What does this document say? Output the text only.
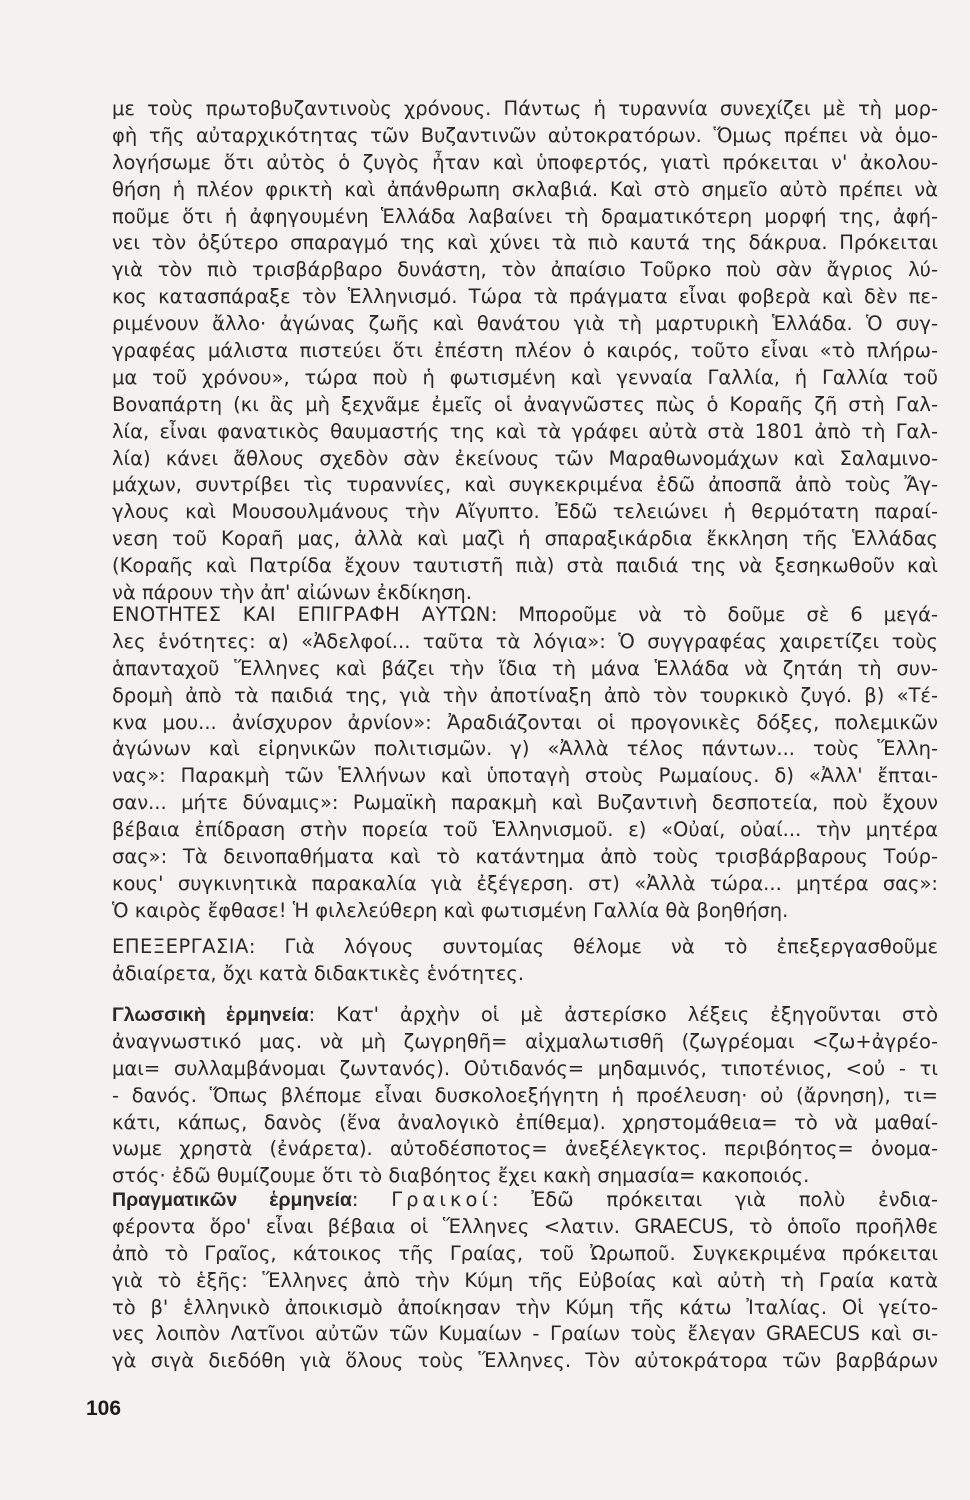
με τοὺς πρωτοβυζαντινοὺς χρόνους. Πάντως ἡ τυραννία συνεχίζει μὲ τὴ μορ-
φὴ τῆς αὐταρχικότητας τῶν Βυζαντινῶν αὐτοκρατόρων. Ὅμως πρέπει νὰ ὁμο-
λογήσωμε ὅτι αὐτὸς ὁ ζυγὸς ἦταν καὶ ὑποφερτός, γιατὶ πρόκειται ν' ἀκολου-
θήση ἡ πλέον φρικτὴ καὶ ἀπάνθρωπη σκλαβιά. Καὶ στὸ σημεῖο αὐτὸ πρέπει νὰ
ποῦμε ὅτι ἡ ἀφηγουμένη Ἑλλάδα λαβαίνει τὴ δραματικότερη μορφή της, ἀφή-
νει τὸν ὀξύτερο σπαραγμό της καὶ χύνει τὰ πιὸ καυτά της δάκρυα. Πρόκειται
γιὰ τὸν πιὸ τρισβάρβαρο δυνάστη, τὸν ἀπαίσιο Τοῦρκο ποὺ σὰν ἄγριος λύ-
κος κατασπάραξε τὸν Ἑλληνισμό. Τώρα τὰ πράγματα εἶναι φοβερὰ καὶ δὲν πε-
ριμένουν ἄλλο· ἀγώνας ζωῆς καὶ θανάτου γιὰ τὴ μαρτυρικὴ Ἑλλάδα. Ὁ συγ-
γραφέας μάλιστα πιστεύει ὅτι ἐπέστη πλέον ὁ καιρός, τοῦτο εἶναι «τὸ πλήρω-
μα τοῦ χρόνου», τώρα ποὺ ἡ φωτισμένη καὶ γενναία Γαλλία, ἡ Γαλλία τοῦ
Βοναπάρτη (κι ἂς μὴ ξεχνᾶμε ἐμεῖς οἱ ἀναγνῶστες πὼς ὁ Κοραῆς ζῆ στὴ Γαλ-
λία, εἶναι φανατικὸς θαυμαστής της καὶ τὰ γράφει αὐτὰ στὰ 1801 ἀπὸ τὴ Γαλ-
λία) κάνει ἄθλους σχεδὸν σὰν ἐκείνους τῶν Μαραθωνομάχων καὶ Σαλαμινο-
μάχων, συντρίβει τὶς τυραννίες, καὶ συγκεκριμένα ἐδῶ ἀποσπᾶ ἀπὸ τοὺς Ἄγ-
γλους καὶ Μουσουλμάνους τὴν Αἴγυπτο. Ἐδῶ τελειώνει ἡ θερμότατη παραί-
νεση τοῦ Κοραῆ μας, ἀλλὰ καὶ μαζὶ ἡ σπαραξικάρδια ἔκκληση τῆς Ἑλλάδας
(Κοραῆς καὶ Πατρίδα ἔχουν ταυτιστῆ πιὰ) στὰ παιδιά της νὰ ξεσηκωθοῦν καὶ
νὰ πάρουν τὴν ἀπ' αἰώνων ἐκδίκηση.
ΕΝΟΤΗΤΕΣ ΚΑΙ ΕΠΙΓΡΑΦΗ ΑΥΤΩΝ: Μποροῦμε νὰ τὸ δοῦμε σὲ 6 μεγά-
λες ἑνότητες: α) «Ἀδελφοί... ταῦτα τὰ λόγια»: Ὁ συγγραφέας χαιρετίζει τοὺς
ἁπανταχοῦ Ἕλληνες καὶ βάζει τὴν ἴδια τὴ μάνα Ἑλλάδα νὰ ζητάη τὴ συν-
δρομὴ ἀπὸ τὰ παιδιά της, γιὰ τὴν ἀποτίναξη ἀπὸ τὸν τουρκικὸ ζυγό. β) «Τέ-
κνα μου... ἀνίσχυρον ἀρνίον»: Ἀραδιάζονται οἱ προγονικὲς δόξες, πολεμικῶν
ἀγώνων καὶ εἰρηνικῶν πολιτισμῶν. γ) «Ἀλλὰ τέλος πάντων... τοὺς Ἕλλη-
νας»: Παρακμὴ τῶν Ἑλλήνων καὶ ὑποταγὴ στοὺς Ρωμαίους. δ) «Ἀλλ' ἔπται-
σαν... μήτε δύναμις»: Ρωμαϊκὴ παρακμὴ καὶ Βυζαντινὴ δεσποτεία, ποὺ ἔχουν
βέβαια ἐπίδραση στὴν πορεία τοῦ Ἑλληνισμοῦ. ε) «Οὐαί, οὐαί... τὴν μητέρα
σας»: Τὰ δεινοπαθήματα καὶ τὸ κατάντημα ἀπὸ τοὺς τρισβάρβαρους Τούρ-
κους' συγκινητικὰ παρακαλία γιὰ ἐξέγερση. στ) «Ἀλλὰ τώρα... μητέρα σας»:
Ὁ καιρὸς ἔφθασε! Ἡ φιλελεύθερη καὶ φωτισμένη Γαλλία θὰ βοηθήση.
ΕΠΕΞΕΡΓΑΣΙΑ: Γιὰ λόγους συντομίας θέλομε νὰ τὸ ἐπεξεργασθοῦμε
ἀδιαίρετα, ὄχι κατὰ διδακτικὲς ἑνότητες.
Γλωσσικὴ ἑρμηνεία: Κατ' ἀρχὴν οἱ μὲ ἀστερίσκο λέξεις ἐξηγοῦνται στὸ
ἀναγνωστικό μας. νὰ μὴ ζωγρηθῆ= αἰχμαλωτισθῆ (ζωγρέομαι <ζω+ἀγρέο-
μαι= συλλαμβάνομαι ζωντανός). Οὐτιδανός= μηδαμινός, τιποτένιος, <οὐ - τι
- δανός. Ὅπως βλέπομε εἶναι δυσκολοεξήγητη ἡ προέλευση· οὐ (ἄρνηση), τι=
κάτι, κάπως, δανὸς (ἕνα ἀναλογικὸ ἐπίθεμα). χρηστομάθεια= τὸ νὰ μαθαί-
νωμε χρηστὰ (ἐνάρετα). αὐτοδέσποτος= ἀνεξέλεγκτος. περιβόητος= ὀνομα-
στός· ἐδῶ θυμίζουμε ὅτι τὸ διαβόητος ἔχει κακὴ σημασία= κακοποιός.
Πραγματικῶν ἑρμηνεία: Γραικοί: Ἐδῶ πρόκειται γιὰ πολὺ ἐνδια-
φέροντα ὅρο' εἶναι βέβαια οἱ Ἕλληνες <λατιν. GRAECUS, τὸ ὁποῖο προῆλθε
ἀπὸ τὸ Γραῖος, κάτοικος τῆς Γραίας, τοῦ Ὠρωποῦ. Συγκεκριμένα πρόκειται
γιὰ τὸ ἑξῆς: Ἕλληνες ἀπὸ τὴν Κύμη τῆς Εὐβοίας καὶ αὐτὴ τὴ Γραία κατὰ
τὸ β' ἑλληνικὸ ἀποικισμὸ ἀποίκησαν τὴν Κύμη τῆς κάτω Ἰταλίας. Οἱ γείτο-
νες λοιπὸν Λατῖνοι αὐτῶν τῶν Κυμαίων - Γραίων τοὺς ἔλεγαν GRAECUS καὶ σι-
γὰ σιγὰ διεδόθη γιὰ ὅλους τοὺς Ἕλληνες. Τὸν αὐτοκράτορα τῶν βαρβάρων
106
